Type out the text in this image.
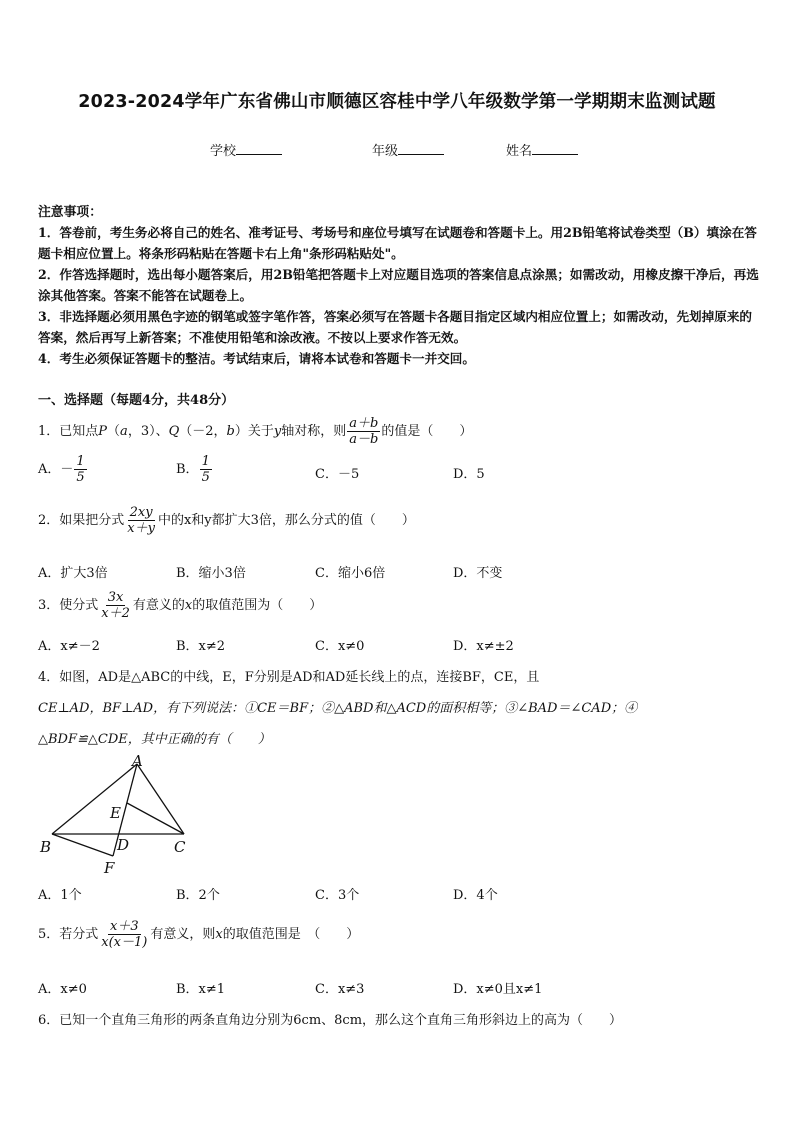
2023-2024学年广东省佛山市顺德区容桂中学八年级数学第一学期期末监测试题
学校	年级	姓名
注意事项：
1．答卷前，考生务必将自己的姓名、准考证号、考场号和座位号填写在试题卷和答题卡上。用2B铅笔将试卷类型（B）填涂在答题卡相应位置上。将条形码粘贴在答题卡右上角"条形码粘贴处"。
2．作答选择题时，选出每小题答案后，用2B铅笔把答题卡上对应题目选项的答案信息点涂黑；如需改动，用橡皮擦干净后，再选涂其他答案。答案不能答在试题卷上。
3．非选择题必须用黑色字迹的钢笔或签字笔作答，答案必须写在答题卡各题目指定区域内相应位置上；如需改动，先划掉原来的答案，然后再写上新答案；不准使用铅笔和涂改液。不按以上要求作答无效。
4．考生必须保证答题卡的整洁。考试结束后，请将本试卷和答题卡一并交回。
一、选择题（每题4分，共48分）
1．已知点P（a，3）、Q（－2，b）关于y轴对称，则 $\frac{a+b}{a-b}$ 的值是（　　）
A．－ $\frac{1}{5}$	B． $\frac{1}{5}$	C．－5	D．5
2．如果把分式 $\frac{2xy}{x+y}$ 中的x和y都扩大3倍，那么分式的值（　　）
A．扩大3倍	B．缩小3倍	C．缩小6倍	D．不变
3．使分式 $\frac{3x}{x+2}$ 有意义的x的取值范围为（　　）
A．x≠－2	B．x≠2	C．x≠0	D．x≠±2
4．如图，AD是△ABC的中线，E，F分别是AD和AD延长线上的点，连接BF，CE，且
CE⊥AD，BF⊥AD，有下列说法：①CE＝BF；②△ABD和△ACD的面积相等；③∠BAD＝∠CAD；④
△BDF≌△CDE，其中正确的有（　　）
A
B	C
D
E
F
A．1个	B．2个	C．3个	D．4个
5．若分式 $\frac{x+3}{x(x-1)}$ 有意义，则x的取值范围是　（　　）
A．x≠0	B．x≠1	C．x≠3	D．x≠0且x≠1
6．已知一个直角三角形的两条直角边分别为6cm、8cm，那么这个直角三角形斜边上的高为（　　）
